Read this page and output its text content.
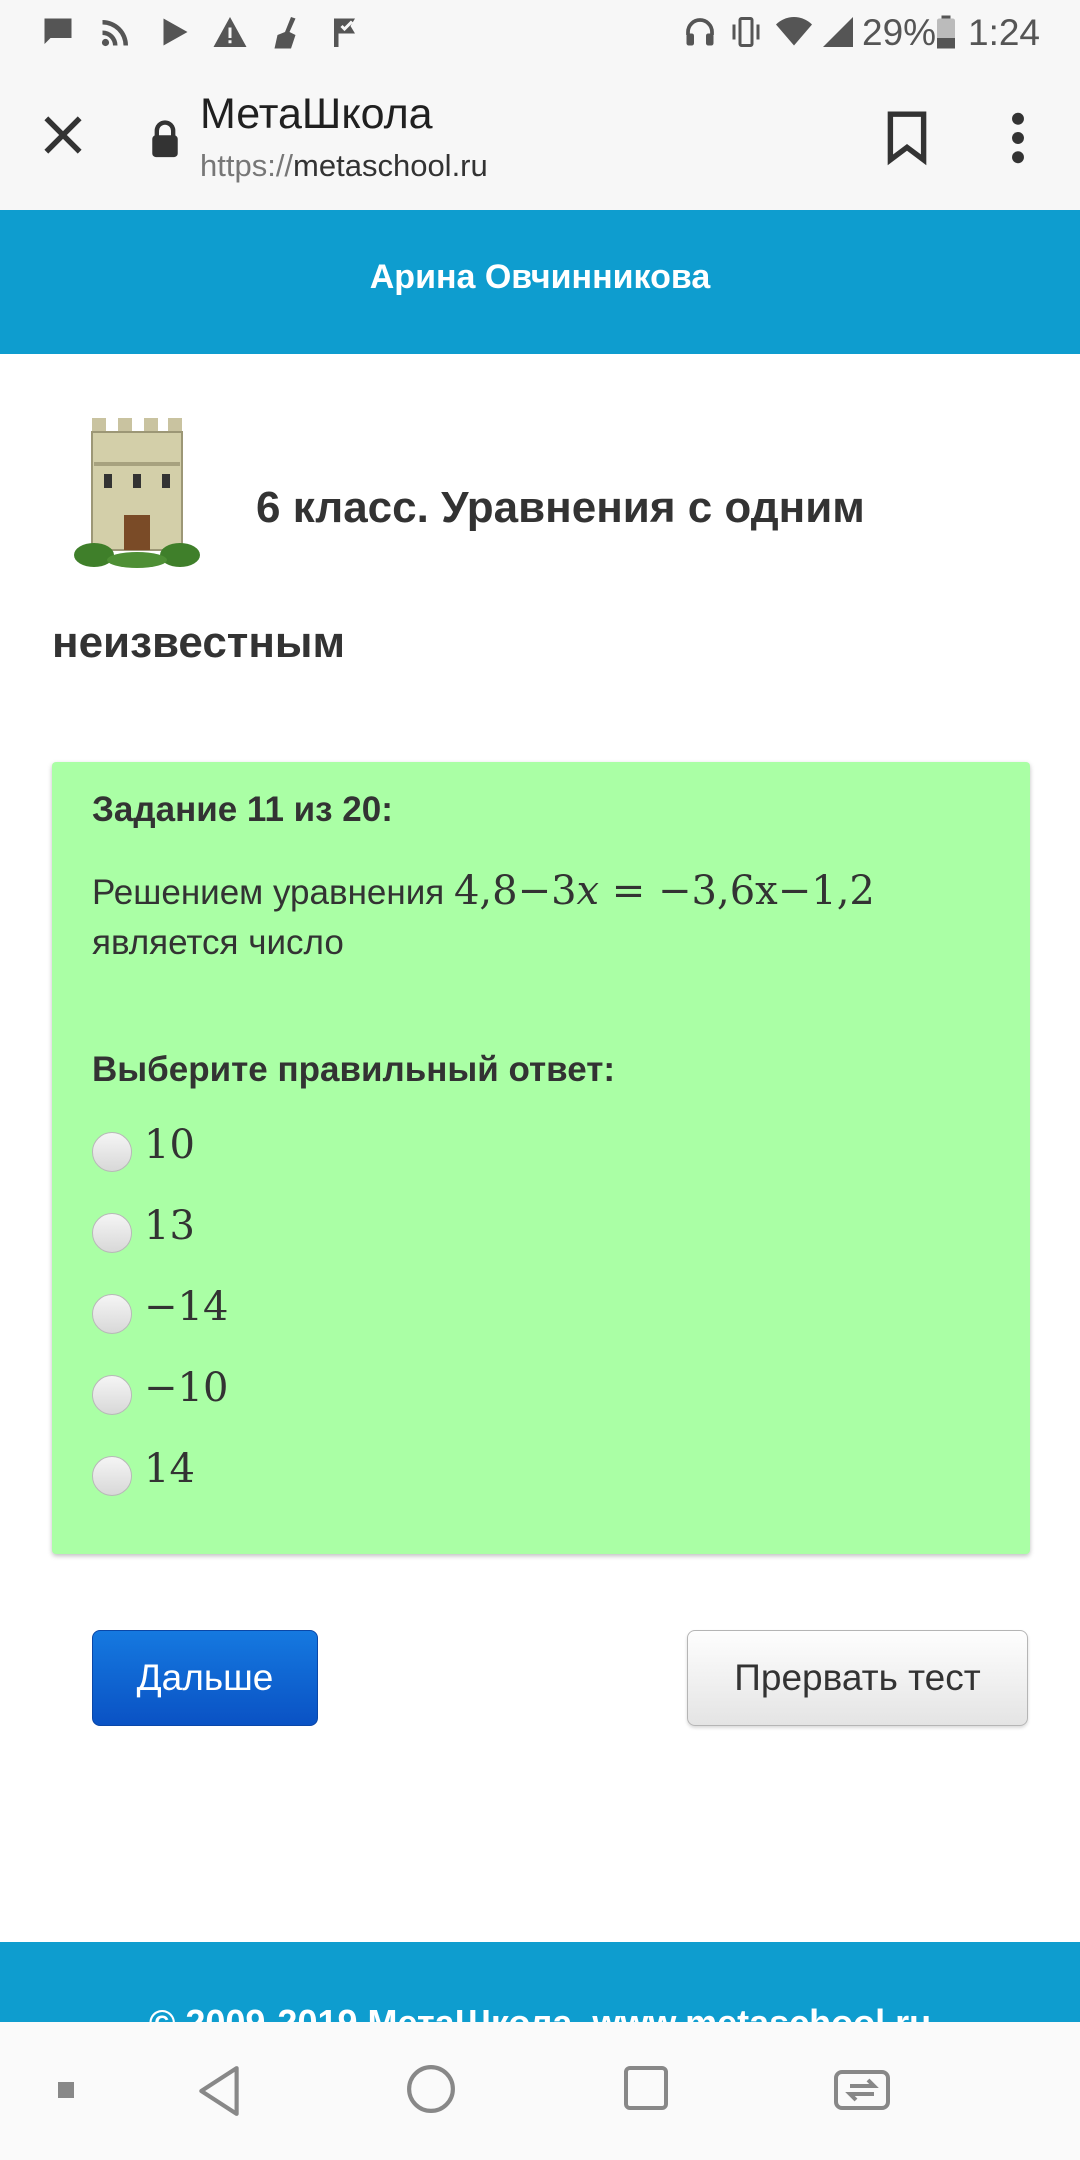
29% 1:24
МетаШкола
https://metaschool.ru
Арина Овчинникова
6 класс. Уравнения с одним неизвестным
Задание 11 из 20:
Решением уравнения 4,8−3x = −3,6x−1,2
является число
Выберите правильный ответ:
10
13
−14
−10
14
Дальше	Прервать тест
